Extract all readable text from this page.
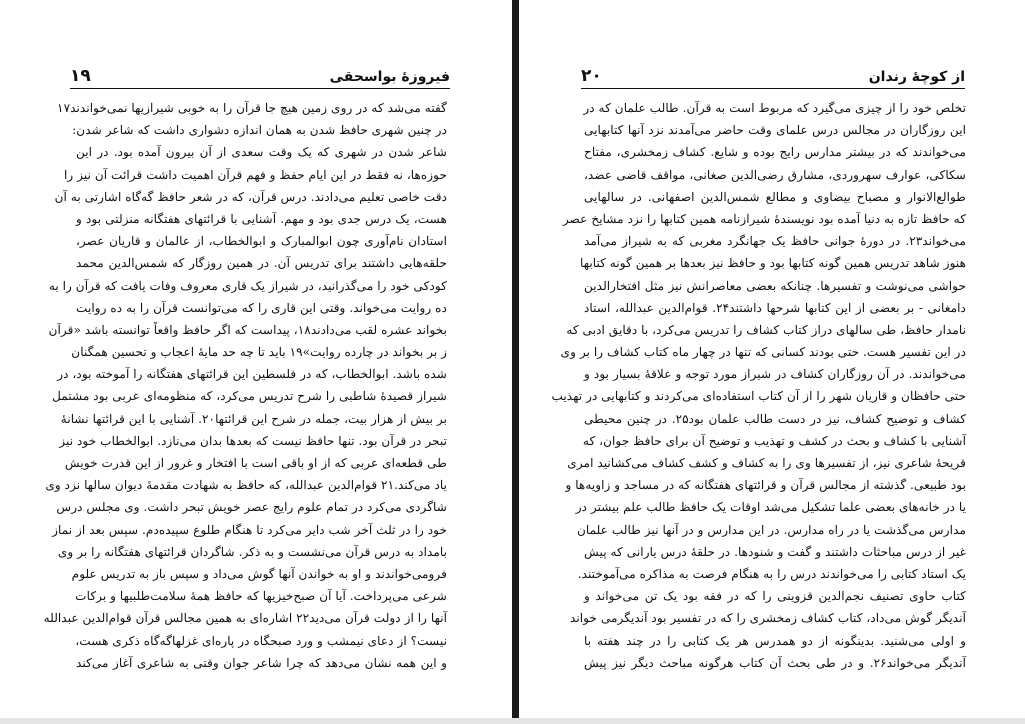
۱۹	فیروزهٔ بواسحقی
گفته می‌شد که در روی زمین هیچ جا قرآن را به خوبی شیرازیها نمی‌خواندند۱۷
در چنین شهری حافظ شدن به همان اندازه دشواری داشت که شاعر شدن:
شاعر شدن در شهری که یک وقت سعدی از آن بیرون آمده بود. در این
حوزه‌ها، نه فقط در این ایام حفظ و فهم قرآن اهمیت داشت قرائت آن نیز را
دقت خاصی تعلیم می‌دادند. درس قرآن، که در شعر حافظ گه‌گاه اشارتی به آن
هست، یک درس جدی بود و مهم. آشنایی با قرائتهای هفتگانه منزلتی بود و
استادان نام‌آوری چون ابوالمبارک و ابوالخطاب، از عالمان و قاریان عصر،
حلقه‌هایی داشتند برای تدریس آن. در همین روزگار که شمس‌الدین محمد
کودکی خود را می‌گذرانید، در شیراز یک قاری معروف وفات یافت که قرآن را به
ده روایت می‌خواند. وقتی این قاری را که می‌توانست قرآن را به ده روایت
بخواند عشره لقب می‌دادند۱۸، پیداست که اگر حافظ واقعاً توانسته باشد «قرآن
ز بر بخواند در چارده روایت»۱۹ باید تا چه حد مایهٔ اعجاب و تحسین همگنان
شده باشد. ابوالخطاب، که در فلسطین این قرائتهای هفتگانه را آموخته بود، در
شیراز قصیدهٔ شاطبی را شرح تدریس می‌کرد، که منظومه‌ای عربی بود مشتمل
بر بیش از هزار بیت، جمله در شرح این قرائتها۲۰. آشنایی با این قرائتها نشانهٔ
تبحر در قرآن بود. تنها حافظ نیست که بعدها بدان می‌نازد. ابوالخطاب خود نیز
طی قطعه‌ای عربی که از او باقی است با افتخار و غرور از این قدرت خویش
یاد می‌کند.۲۱ قوام‌الدین عبدالله، که حافظ به شهادت مقدمهٔ دیوان سالها نزد وی
شاگردی می‌کرد در تمام علوم رایج عصر خویش تبحر داشت. وی مجلس درس
خود را در ثلث آخر شب دایر می‌کرد تا هنگام طلوع سپیده‌دم. سپس بعد از نماز
بامداد به درس قرآن می‌نشست و به ذکر. شاگردان قرائتهای هفتگانه را بر وی
فرومی‌خواندند و او به خواندن آنها گوش می‌داد و سپس باز به تدریس علوم
شرعی می‌پرداخت. آیا آن صبح‌خیزیها که حافظ همهٔ سلامت‌طلبیها و برکات
آنها را از دولت قرآن می‌دید۲۲ اشاره‌ای به همین مجالس قرآن قوام‌الدین عبدالله
نیست؟ از دعای نیمشب و ورد صبحگاه در پاره‌ای غزلهاگه‌گاه ذکری هست،
و این همه نشان می‌دهد که چرا شاعر جوان وقتی به شاعری آغاز می‌کند
۲۰	از کوچهٔ رندان
تخلص خود را از چیزی می‌گیرد که مربوط است به قرآن. طالب علمان که در
این روزگاران در مجالس درس علمای وقت حاضر می‌آمدند نزد آنها کتابهایی
می‌خواندند که در بیشتر مدارس رایج بوده و شایع. کشاف زمخشری، مفتاح
سکاکی، عوارف سهروردی، مشارق رضی‌الدین صغانی، مواقف قاضی عضد،
طوالع‌الانوار و مصباح بیضاوی و مطالع شمس‌الدین اصفهانی. در سالهایی
که حافظ تازه به دنیا آمده بود نویسندهٔ شیرازنامه همین کتابها را نزد مشایخ عصر
می‌خواند۲۳. در دورهٔ جوانی حافظ یک جهانگرد مغربی که به شیراز می‌آمد
هنوز شاهد تدریس همین گونه کتابها بود و حافظ نیز بعدها بر همین گونه کتابها
حواشی می‌نوشت و تفسیرها. چنانکه بعضی معاصرانش نیز مثل افتخارالدین
دامغانی - بر بعضی از این کتابها شرحها داشتند۲۴. قوام‌الدین عبدالله، استاد
نامدار حافظ، طی سالهای دراز کتاب کشاف را تدریس می‌کرد، با دقایق ادبی که
در این تفسیر هست. حتی بودند کسانی که تنها در چهار ماه کتاب کشاف را بر وی
می‌خواندند. در آن روزگاران کشاف در شیراز مورد توجه و علاقهٔ بسیار بود و
حتی حافظان و قاریان شهر را از آن کتاب استفاده‌ای می‌کردند و کتابهایی در تهذیب
کشاف و توضیح کشاف، نیز در دست طالب علمان بود۲۵. در چنین محیطی
آشنایی با کشاف و بحث در کشف و تهذیب و توضیح آن برای حافظ جوان، که
قریحهٔ شاعری نیز، از تفسیرها وی را به کشاف و کشف کشاف می‌کشانید امری
بود طبیعی. گذشته از مجالس قرآن و قرائتهای هفتگانه که در مساجد و زاویه‌ها و
یا در خانه‌های بعضی علما تشکیل می‌شد اوقات یک حافظ طالب علم بیشتر در
مدارس می‌گذشت یا در راه مدارس. در این مدارس و در آنها نیز طالب علمان
غیر از درس مباحثات داشتند و گفت و شنودها. در حلقهٔ درس یارانی که پیش
یک استاد کتابی را می‌خواندند درس را به هنگام فرصت به مذاکره می‌آموختند.
کتاب حاوی تصنیف نجم‌الدین قزوینی را که در فقه بود یک تن می‌خواند و
آندیگر گوش می‌داد، کتاب کشاف زمخشری را که در تفسیر بود آندیگرمی خواند
و اولی می‌شنید. بدینگونه از دو همدرس هر یک کتابی را در چند هفته با
آندیگر می‌خواند۲۶. و در طی بحث آن کتاب هرگونه مباحث دیگر نیز پیش
